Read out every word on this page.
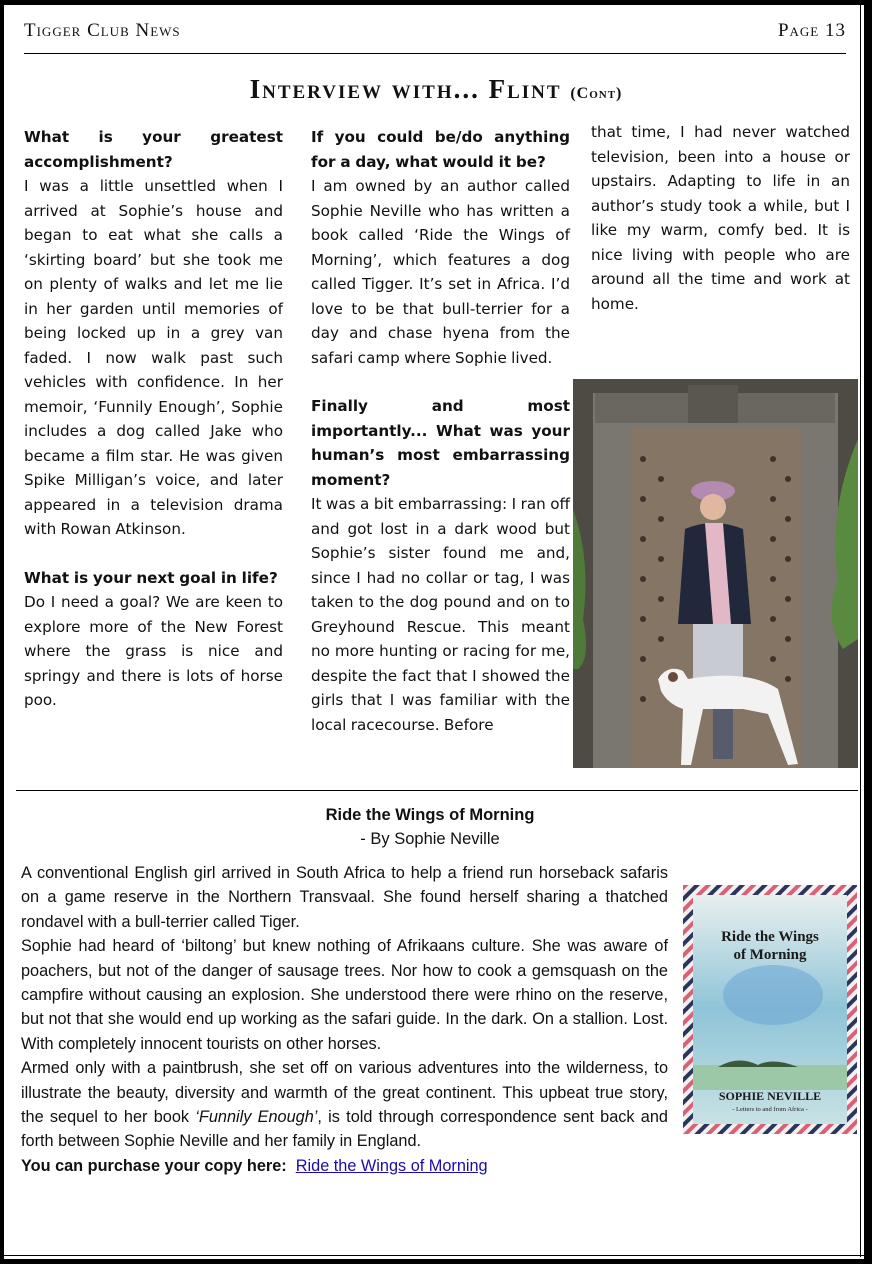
Tigger Club News	Page 13
Interview with... Flint (Cont)

What is your greatest accomplishment?

I was a little unsettled when I arrived at Sophie’s house and began to eat what she calls a ‘skirting board’ but she took me on plenty of walks and let me lie in her garden until memories of being locked up in a grey van faded. I now walk past such vehicles with confidence. In her memoir, ‘Funnily Enough’, Sophie includes a dog called Jake who became a film star. He was given Spike Milligan’s voice, and later appeared in a television drama with Rowan Atkinson.

What is your next goal in life?

Do I need a goal? We are keen to explore more of the New Forest where the grass is nice and springy and there is lots of horse poo.

If you could be/do anything for a day, what would it be?

I am owned by an author called Sophie Neville who has written a book called ‘Ride the Wings of Morning’, which features a dog called Tigger. It’s set in Africa. I’d love to be that bull-terrier for a day and chase hyena from the safari camp where Sophie lived.

Finally and most importantly... What was your human’s most embarrassing moment?

It was a bit embarrassing: I ran off and got lost in a dark wood but Sophie’s sister found me and, since I had no collar or tag, I was taken to the dog pound and on to Greyhound Rescue. This meant no more hunting or racing for me, despite the fact that I showed the girls that I was familiar with the local racecourse. Before

that time, I had never watched television, been into a house or upstairs. Adapting to life in an author’s study took a while, but I like my warm, comfy bed. It is nice living with people who are around all the time and work at home.

Ride the Wings of Morning
- By Sophie Neville

A conventional English girl arrived in South Africa to help a friend run horseback safaris on a game reserve in the Northern Transvaal. She found herself sharing a thatched rondavel with a bull-terrier called Tiger.

Sophie had heard of ‘biltong’ but knew nothing of Afrikaans culture. She was aware of poachers, but not of the danger of sausage trees. Nor how to cook a gemsquash on the campfire without causing an explosion. She understood there were rhino on the reserve, but not that she would end up working as the safari guide. In the dark. On a stallion. Lost. With completely innocent tourists on other horses.

Armed only with a paintbrush, she set off on various adventures into the wilderness, to illustrate the beauty, diversity and warmth of the great continent. This upbeat true story, the sequel to her book ‘Funnily Enough’, is told through correspondence sent back and forth between Sophie Neville and her family in England.

You can purchase your copy here: Ride the Wings of Morning

Ride the Wings
of Morning
SOPHIE NEVILLE
- Letters to and from Africa -
